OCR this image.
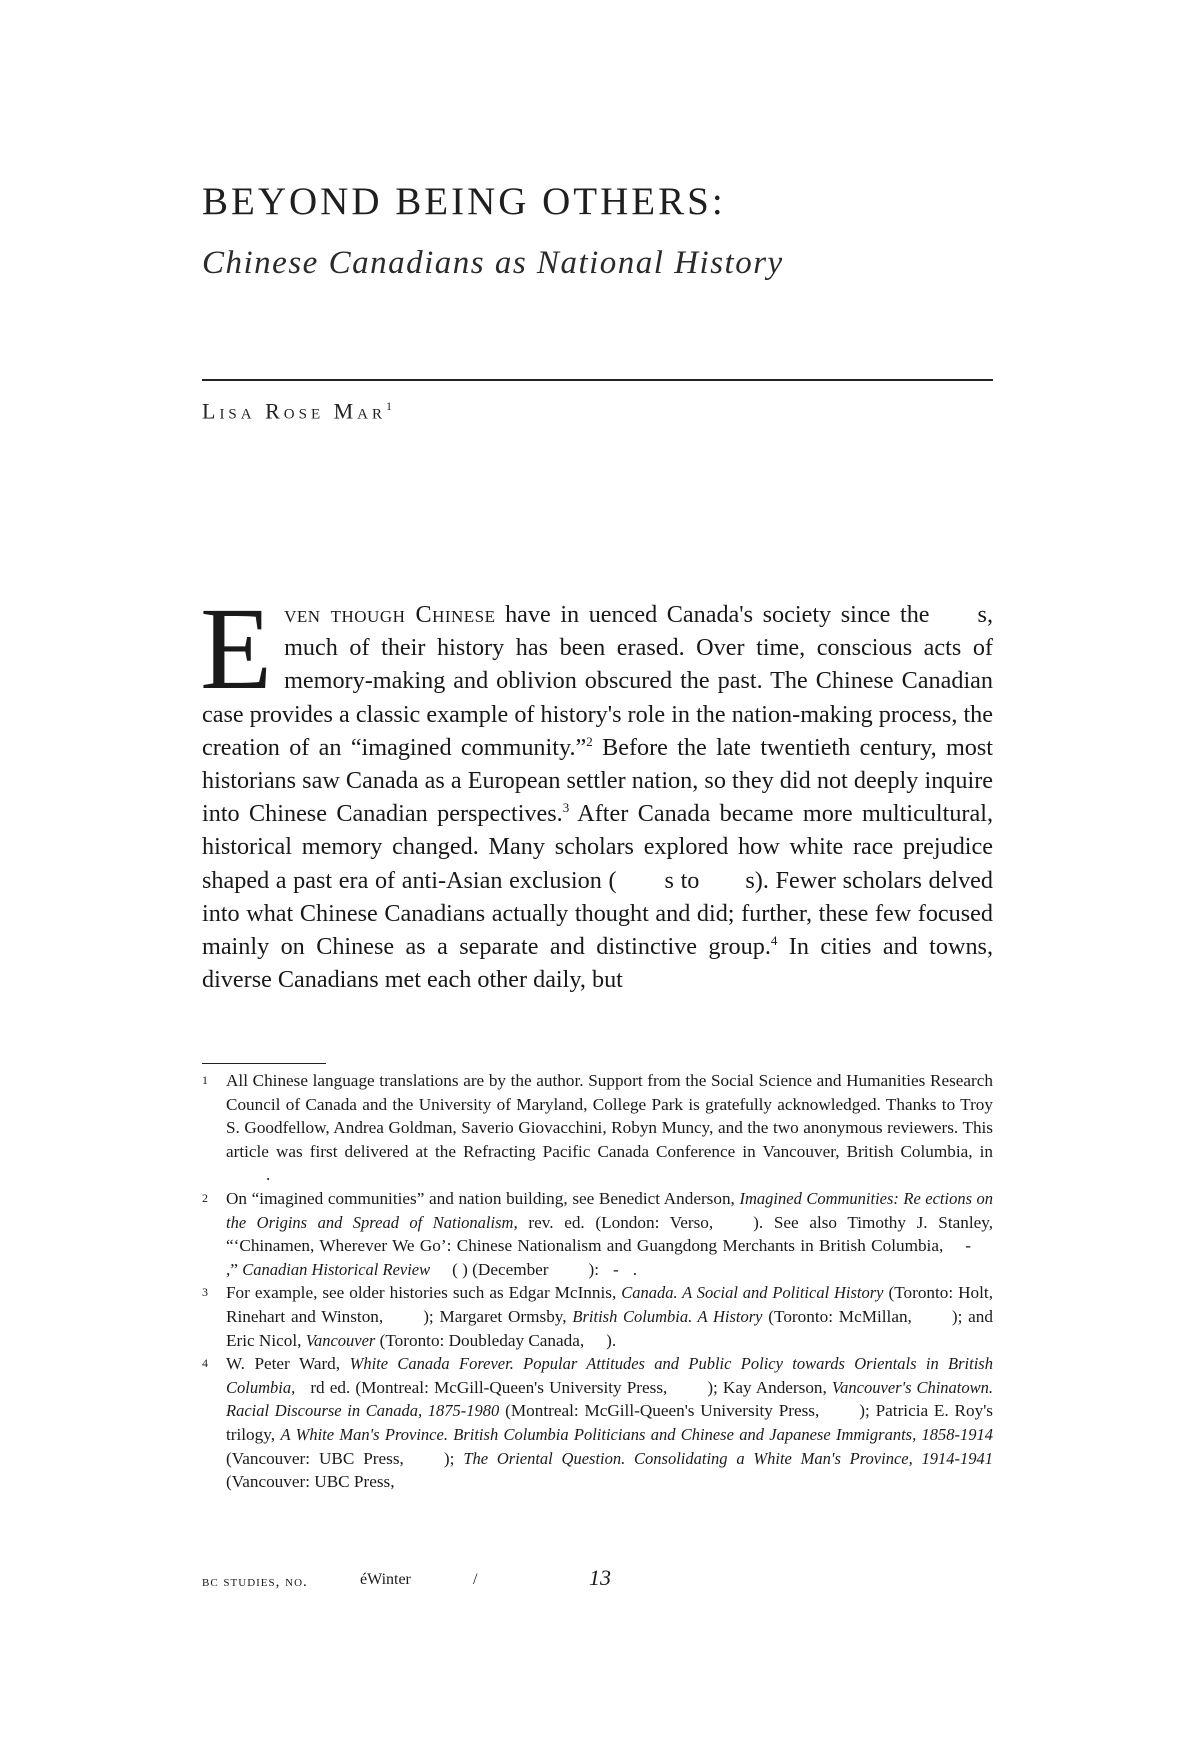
BEYOND BEING OTHERS:
Chinese Canadians as National History

Lisa Rose Mar$^1$

Even though Chinese have in uenced Canada's society since the s, much of their history has been erased. Over time, conscious acts of memory-making and oblivion obscured the past. The Chinese Canadian case provides a classic example of history's role in the nation-making process, the creation of an “imagined community.”$^2$ Before the late twentieth century, most historians saw Canada as a European settler nation, so they did not deeply inquire into Chinese Canadian perspectives.$^3$ After Canada became more multicultural, historical memory changed. Many scholars explored how white race prejudice shaped a past era of anti-Asian exclusion ( s to s). Fewer scholars delved into what Chinese Canadians actually thought and did; further, these few focused mainly on Chinese as a separate and distinctive group.$^4$ In cities and towns, diverse Canadians met each other daily, but

1 All Chinese language translations are by the author. Support from the Social Science and Humanities Research Council of Canada and the University of Maryland, College Park is gratefully acknowledged. Thanks to Troy S. Goodfellow, Andrea Goldman, Saverio Giovacchini, Robyn Muncy, and the two anonymous reviewers. This article was first delivered at the Refracting Pacific Canada Conference in Vancouver, British Columbia, in.

2 On “imagined communities” and nation building, see Benedict Anderson, Imagined Communities: Re ections on the Origins and Spread of Nationalism, rev. ed. (London: Verso, ). See also Timothy J. Stanley, “‘Chinamen, Wherever We Go’: Chinese Nationalism and Guangdong Merchants in British Columbia, -,” Canadian Historical Review ( ) (December ): - .

3 For example, see older histories such as Edgar McInnis, Canada. A Social and Political History (Toronto: Holt, Rinehart and Winston, ); Margaret Ormsby, British Columbia. A History (Toronto: McMillan, ); and Eric Nicol, Vancouver (Toronto: Doubleday Canada, ).

4 W. Peter Ward, White Canada Forever. Popular Attitudes and Public Policy towards Orientals in British Columbia, rd ed. (Montreal: McGill-Queen's University Press, ); Kay Anderson, Vancouver's Chinatown. Racial Discourse in Canada, 1875-1980 (Montreal: McGill-Queen's University Press, ); Patricia E. Roy's trilogy, A White Man's Province. British Columbia Politicians and Chinese and Japanese Immigrants, 1858-1914 (Vancouver: UBC Press, ); The Oriental Question. Consolidating a White Man's Province, 1914-1941 (Vancouver: UBC Press,

bc studies, no.	éWinter	/	13
